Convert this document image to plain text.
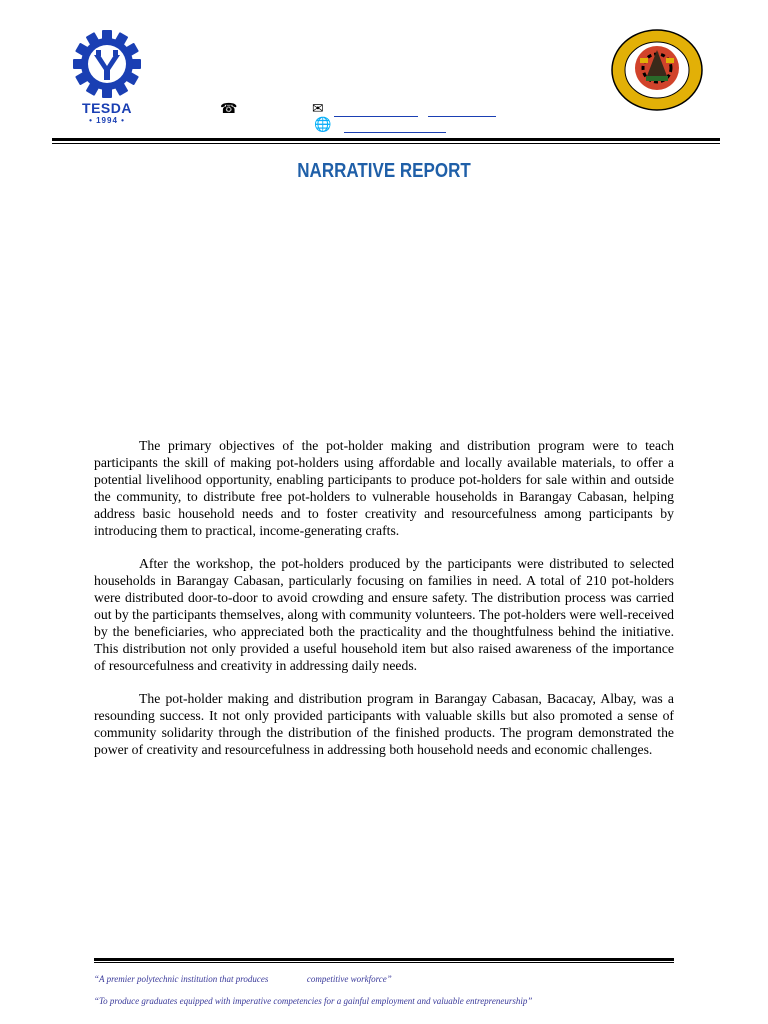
TESDA
• 1994 •
☎	✉
🌐
NARRATIVE REPORT

The primary objectives of the pot-holder making and distribution program were to teach participants the skill of making pot-holders using affordable and locally available materials, to offer a potential livelihood opportunity, enabling participants to produce pot-holders for sale within and outside the community, to distribute free pot-holders to vulnerable households in Barangay Cabasan, helping address basic household needs and to foster creativity and resourcefulness among participants by introducing them to practical, income-generating crafts.

After the workshop, the pot-holders produced by the participants were distributed to selected households in Barangay Cabasan, particularly focusing on families in need. A total of 210 pot-holders were distributed door-to-door to avoid crowding and ensure safety. The distribution process was carried out by the participants themselves, along with community volunteers. The pot-holders were well-received by the beneficiaries, who appreciated both the practicality and the thoughtfulness behind the initiative. This distribution not only provided a useful household item but also raised awareness of the importance of resourcefulness and creativity in addressing daily needs.

The pot-holder making and distribution program in Barangay Cabasan, Bacacay, Albay, was a resounding success. It not only provided participants with valuable skills but also promoted a sense of community solidarity through the distribution of the finished products. The program demonstrated the power of creativity and resourcefulness in addressing both household needs and economic challenges.

“A premier polytechnic institution that produces	competitive workforce”
“To produce graduates equipped with imperative competencies for a gainful employment and valuable entrepreneurship”
